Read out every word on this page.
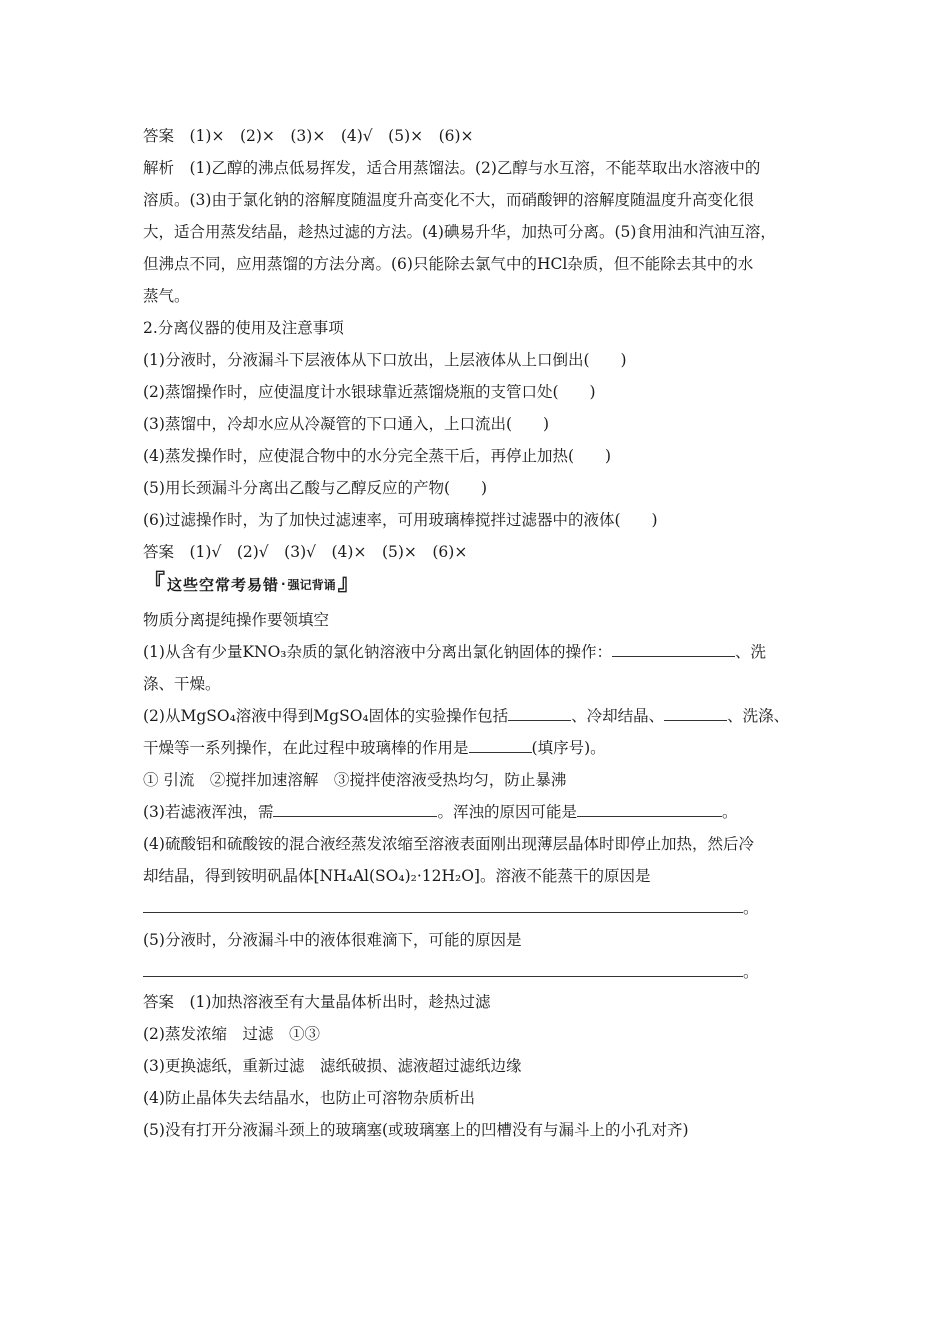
答案　(1)×　(2)×　(3)×　(4)√　(5)×　(6)×
解析　(1)乙醇的沸点低易挥发，适合用蒸馏法。(2)乙醇与水互溶，不能萃取出水溶液中的
溶质。(3)由于氯化钠的溶解度随温度升高变化不大，而硝酸钾的溶解度随温度升高变化很
大，适合用蒸发结晶，趁热过滤的方法。(4)碘易升华，加热可分离。(5)食用油和汽油互溶，
但沸点不同，应用蒸馏的方法分离。(6)只能除去氯气中的HCl杂质，但不能除去其中的水
蒸气。
2.分离仪器的使用及注意事项
(1)分液时，分液漏斗下层液体从下口放出，上层液体从上口倒出(　　)
(2)蒸馏操作时，应使温度计水银球靠近蒸馏烧瓶的支管口处(　　)
(3)蒸馏中，冷却水应从冷凝管的下口通入，上口流出(　　)
(4)蒸发操作时，应使混合物中的水分完全蒸干后，再停止加热(　　)
(5)用长颈漏斗分离出乙酸与乙醇反应的产物(　　)
(6)过滤操作时，为了加快过滤速率，可用玻璃棒搅拌过滤器中的液体(　　)
答案　(1)√　(2)√　(3)√　(4)×　(5)×　(6)×
『 这些空常考易错 · 强记背诵 』
物质分离提纯操作要领填空
(1)从含有少量KNO₃杂质的氯化钠溶液中分离出氯化钠固体的操作：	、洗
涤、干燥。
(2)从MgSO₄溶液中得到MgSO₄固体的实验操作包括	、冷却结晶、	、洗涤、
干燥等一系列操作，在此过程中玻璃棒的作用是	(填序号)。
① 引流　②搅拌加速溶解　③搅拌使溶液受热均匀，防止暴沸
(3)若滤液浑浊，需	。浑浊的原因可能是	。
(4)硫酸铝和硫酸铵的混合液经蒸发浓缩至溶液表面刚出现薄层晶体时即停止加热，然后冷
却结晶，得到铵明矾晶体[NH₄Al(SO₄)₂·12H₂O]。溶液不能蒸干的原因是
。
(5)分液时，分液漏斗中的液体很难滴下，可能的原因是
。
答案　(1)加热溶液至有大量晶体析出时，趁热过滤
(2)蒸发浓缩　过滤　①③
(3)更换滤纸，重新过滤　滤纸破损、滤液超过滤纸边缘
(4)防止晶体失去结晶水，也防止可溶物杂质析出
(5)没有打开分液漏斗颈上的玻璃塞(或玻璃塞上的凹槽没有与漏斗上的小孔对齐)
